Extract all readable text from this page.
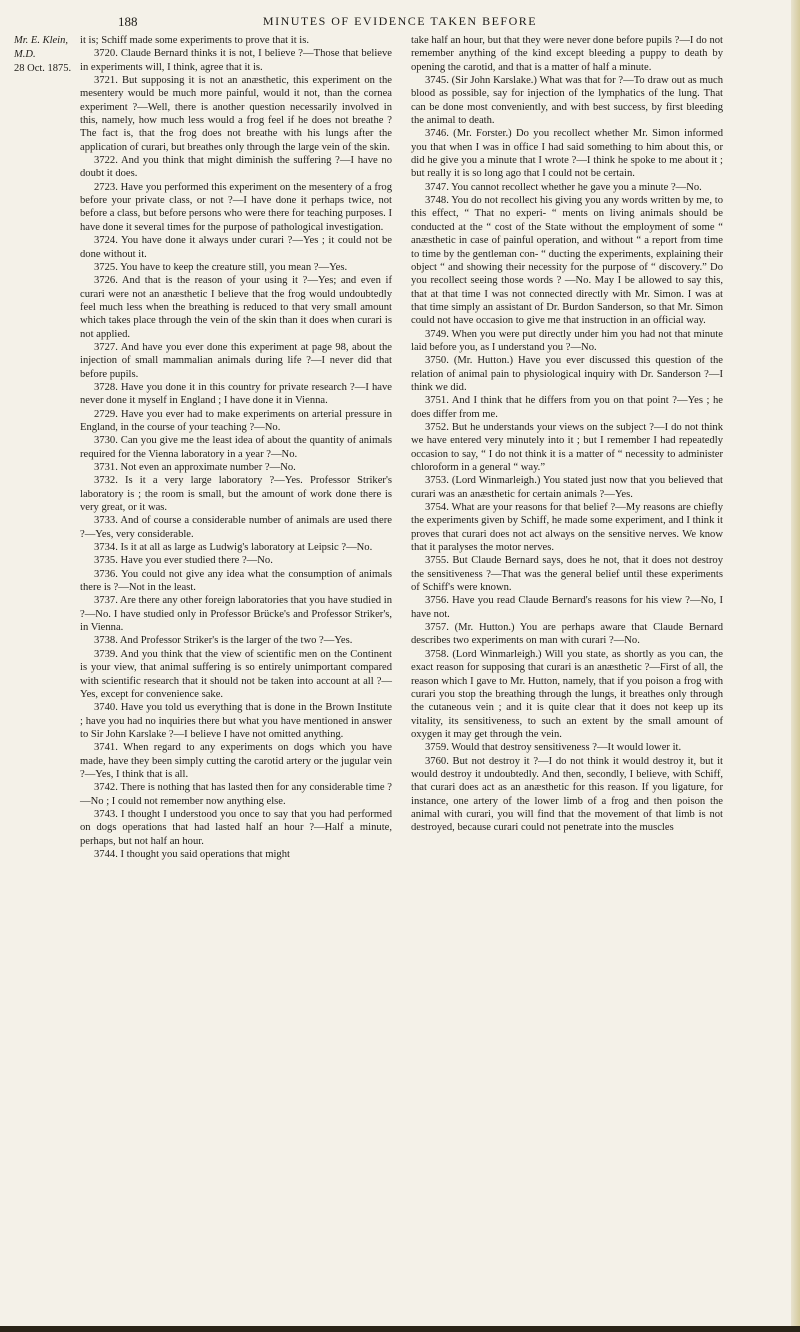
188	MINUTES OF EVIDENCE TAKEN BEFORE
Mr. E. Klein, M.D.
28 Oct. 1875.

it is; Schiff made some experiments to prove that it is.

3720. Claude Bernard thinks it is not, I believe ?—Those that believe in experiments will, I think, agree that it is.

3721. But supposing it is not an anæsthetic, this experiment on the mesentery would be much more painful, would it not, than the cornea experiment ?—Well, there is another question necessarily involved in this, namely, how much less would a frog feel if he does not breathe ? The fact is, that the frog does not breathe with his lungs after the application of curari, but breathes only through the large vein of the skin.

3722. And you think that might diminish the suffering ?—I have no doubt it does.

2723. Have you performed this experiment on the mesentery of a frog before your private class, or not ?—I have done it perhaps twice, not before a class, but before persons who were there for teaching purposes. I have done it several times for the purpose of pathological investigation.

3724. You have done it always under curari ?—Yes ; it could not be done without it.

3725. You have to keep the creature still, you mean ?—Yes.

3726. And that is the reason of your using it ?—Yes; and even if curari were not an anæsthetic I believe that the frog would undoubtedly feel much less when the breathing is reduced to that very small amount which takes place through the vein of the skin than it does when curari is not applied.

3727. And have you ever done this experiment at page 98, about the injection of small mammalian animals during life ?—I never did that before pupils.

3728. Have you done it in this country for private research ?—I have never done it myself in England ; I have done it in Vienna.

2729. Have you ever had to make experiments on arterial pressure in England, in the course of your teaching ?—No.

3730. Can you give me the least idea of about the quantity of animals required for the Vienna laboratory in a year ?—No.

3731. Not even an approximate number ?—No.

3732. Is it a very large laboratory ?—Yes. Professor Striker's laboratory is ; the room is small, but the amount of work done there is very great, or it was.

3733. And of course a considerable number of animals are used there ?—Yes, very considerable.

3734. Is it at all as large as Ludwig's laboratory at Leipsic ?—No.

3735. Have you ever studied there ?—No.

3736. You could not give any idea what the consumption of animals there is ?—Not in the least.

3737. Are there any other foreign laboratories that you have studied in ?—No. I have studied only in Professor Brücke's and Professor Striker's, in Vienna.

3738. And Professor Striker's is the larger of the two ?—Yes.

3739. And you think that the view of scientific men on the Continent is your view, that animal suffering is so entirely unimportant compared with scientific research that it should not be taken into account at all ?—Yes, except for convenience sake.

3740. Have you told us everything that is done in the Brown Institute ; have you had no inquiries there but what you have mentioned in answer to Sir John Karslake ?—I believe I have not omitted anything.

3741. When regard to any experiments on dogs which you have made, have they been simply cutting the carotid artery or the jugular vein ?—Yes, I think that is all.

3742. There is nothing that has lasted then for any considerable time ?—No ; I could not remember now anything else.

3743. I thought I understood you once to say that you had performed on dogs operations that had lasted half an hour ?—Half a minute, perhaps, but not half an hour.

3744. I thought you said operations that might

take half an hour, but that they were never done before pupils ?—I do not remember anything of the kind except bleeding a puppy to death by opening the carotid, and that is a matter of half a minute.

3745. (Sir John Karslake.) What was that for ?—To draw out as much blood as possible, say for injection of the lymphatics of the lung. That can be done most conveniently, and with best success, by first bleeding the animal to death.

3746. (Mr. Forster.) Do you recollect whether Mr. Simon informed you that when I was in office I had said something to him about this, or did he give you a minute that I wrote ?—I think he spoke to me about it ; but really it is so long ago that I could not be certain.

3747. You cannot recollect whether he gave you a minute ?—No.

3748. You do not recollect his giving you any words written by me, to this effect, “ That no experi- “ ments on living animals should be conducted at the “ cost of the State without the employment of some “ anæsthetic in case of painful operation, and without “ a report from time to time by the gentleman con- “ ducting the experiments, explaining their object “ and showing their necessity for the purpose of “ discovery.” Do you recollect seeing those words ? —No. May I be allowed to say this, that at that time I was not connected directly with Mr. Simon. I was at that time simply an assistant of Dr. Burdon Sanderson, so that Mr. Simon could not have occasion to give me that instruction in an official way.

3749. When you were put directly under him you had not that minute laid before you, as I understand you ?—No.

3750. (Mr. Hutton.) Have you ever discussed this question of the relation of animal pain to physiological inquiry with Dr. Sanderson ?—I think we did.

3751. And I think that he differs from you on that point ?—Yes ; he does differ from me.

3752. But he understands your views on the subject ?—I do not think we have entered very minutely into it ; but I remember I had repeatedly occasion to say, “ I do not think it is a matter of “ necessity to administer chloroform in a general “ way.”

3753. (Lord Winmarleigh.) You stated just now that you believed that curari was an anæsthetic for certain animals ?—Yes.

3754. What are your reasons for that belief ?—My reasons are chiefly the experiments given by Schiff, he made some experiment, and I think it proves that curari does not act always on the sensitive nerves. We know that it paralyses the motor nerves.

3755. But Claude Bernard says, does he not, that it does not destroy the sensitiveness ?—That was the general belief until these experiments of Schiff's were known.

3756. Have you read Claude Bernard's reasons for his view ?—No, I have not.

3757. (Mr. Hutton.) You are perhaps aware that Claude Bernard describes two experiments on man with curari ?—No.

3758. (Lord Winmarleigh.) Will you state, as shortly as you can, the exact reason for supposing that curari is an anæsthetic ?—First of all, the reason which I gave to Mr. Hutton, namely, that if you poison a frog with curari you stop the breathing through the lungs, it breathes only through the cutaneous vein ; and it is quite clear that it does not keep up its vitality, its sensitiveness, to such an extent by the small amount of oxygen it may get through the vein.

3759. Would that destroy sensitiveness ?—It would lower it.

3760. But not destroy it ?—I do not think it would destroy it, but it would destroy it undoubtedly. And then, secondly, I believe, with Schiff, that curari does act as an anæsthetic for this reason. If you ligature, for instance, one artery of the lower limb of a frog and then poison the animal with curari, you will find that the movement of that limb is not destroyed, because curari could not penetrate into the muscles
